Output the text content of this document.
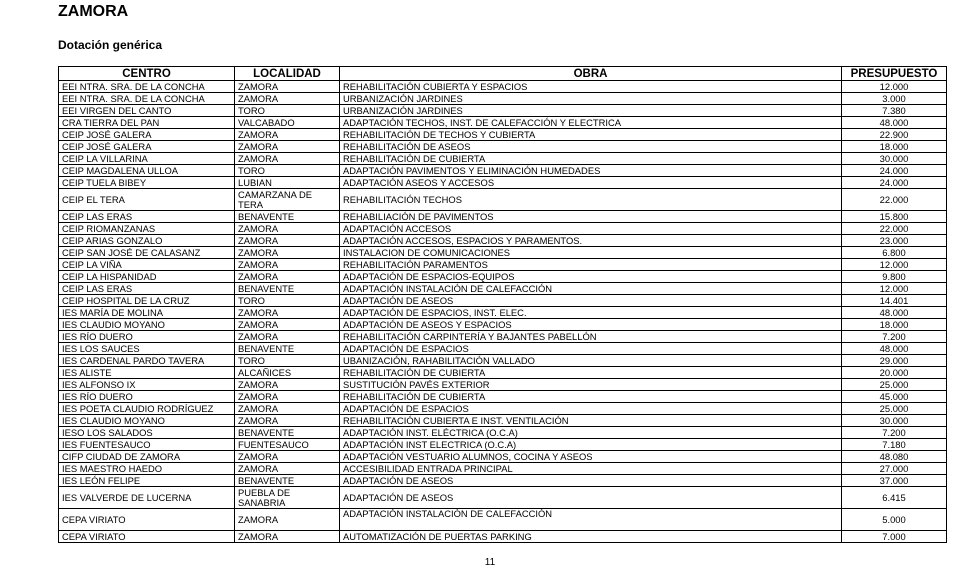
ZAMORA
Dotación genérica
CENTRO	LOCALIDAD	OBRA	PRESUPUESTO
EEI NTRA. SRA. DE LA CONCHA	ZAMORA	REHABILITACIÓN CUBIERTA Y ESPACIOS	12.000
EEI NTRA. SRA. DE LA CONCHA	ZAMORA	URBANIZACIÓN JARDINES	3.000
EEI VIRGEN DEL CANTO	TORO	URBANIZACIÓN JARDINES	7.380
CRA TIERRA DEL PAN	VALCABADO	ADAPTACIÓN TECHOS, INST. DE CALEFACCIÓN Y ELECTRICA	48.000
CEIP JOSÉ GALERA	ZAMORA	REHABILITACIÓN DE TECHOS Y CUBIERTA	22.900
CEIP JOSÉ GALERA	ZAMORA	REHABILITACIÓN DE ASEOS	18.000
CEIP LA VILLARINA	ZAMORA	REHABILITACIÓN DE CUBIERTA	30.000
CEIP MAGDALENA ULLOA	TORO	ADAPTACIÓN PAVIMENTOS Y ELIMINACIÓN HUMEDADES	24.000
CEIP TUELA BIBEY	LUBIAN	ADAPTACIÓN ASEOS Y ACCESOS	24.000
CEIP EL TERA	CAMARZANA DE TERA	REHABILITACIÓN TECHOS	22.000
CEIP LAS ERAS	BENAVENTE	REHABILIACIÓN DE PAVIMENTOS	15.800
CEIP RIOMANZANAS	ZAMORA	ADAPTACIÓN ACCESOS	22.000
CEIP ARIAS GONZALO	ZAMORA	ADAPTACIÓN ACCESOS, ESPACIOS Y PARAMENTOS.	23.000
CEIP SAN JOSÉ DE CALASANZ	ZAMORA	INSTALACION DE COMUNICACIONES	6.800
CEIP LA VIÑA	ZAMORA	REHABILITACIÓN PARAMENTOS	12.000
CEIP LA HISPANIDAD	ZAMORA	ADAPTACIÓN DE ESPACIOS-EQUIPOS	9.800
CEIP LAS ERAS	BENAVENTE	ADAPTACIÓN INSTALACIÓN DE CALEFACCIÓN	12.000
CEIP HOSPITAL DE LA CRUZ	TORO	ADAPTACIÓN DE ASEOS	14.401
IES MARÍA DE MOLINA	ZAMORA	ADAPTACIÓN DE ESPACIOS, INST. ELEC.	48.000
IES CLAUDIO MOYANO	ZAMORA	ADAPTACIÓN DE ASEOS Y ESPACIOS	18.000
IES RÍO DUERO	ZAMORA	REHABILITACIÓN CARPINTERÍA Y BAJANTES PABELLÓN	7.200
IES LOS SAUCES	BENAVENTE	ADAPTACIÓN DE ESPACIOS	48.000
IES CARDENAL PARDO TAVERA	TORO	UBANIZACIÓN, RAHABILITACIÓN VALLADO	29.000
IES ALISTE	ALCAÑICES	REHABILITACIÓN DE CUBIERTA	20.000
IES ALFONSO IX	ZAMORA	SUSTITUCIÓN PAVÉS EXTERIOR	25.000
IES RÍO DUERO	ZAMORA	REHABILITACIÓN DE CUBIERTA	45.000
IES POETA CLAUDIO RODRÍGUEZ	ZAMORA	ADAPTACIÓN DE ESPACIOS	25.000
IES CLAUDIO MOYANO	ZAMORA	REHABILITACIÓN CUBIERTA E INST. VENTILACIÓN	30.000
IESO LOS SALADOS	BENAVENTE	ADAPTACIÓN INST. ELÉCTRICA (O.C.A)	7.200
IES FUENTESAUCO	FUENTESAUCO	ADAPTACIÓN INST ELECTRICA (O.C.A)	7.180
CIFP CIUDAD DE ZAMORA	ZAMORA	ADAPTACIÓN VESTUARIO ALUMNOS, COCINA Y ASEOS	48.080
IES MAESTRO HAEDO	ZAMORA	ACCESIBILIDAD ENTRADA PRINCIPAL	27.000
IES LEÓN FELIPE	BENAVENTE	ADAPTACIÓN DE ASEOS	37.000
IES VALVERDE DE LUCERNA	PUEBLA DE SANABRIA	ADAPTACIÓN DE ASEOS	6.415
CEPA VIRIATO	ZAMORA	ADAPTACIÓN INSTALACIÓN DE CALEFACCIÓN	5.000
CEPA VIRIATO	ZAMORA	AUTOMATIZACIÓN DE PUERTAS PARKING	7.000
11
